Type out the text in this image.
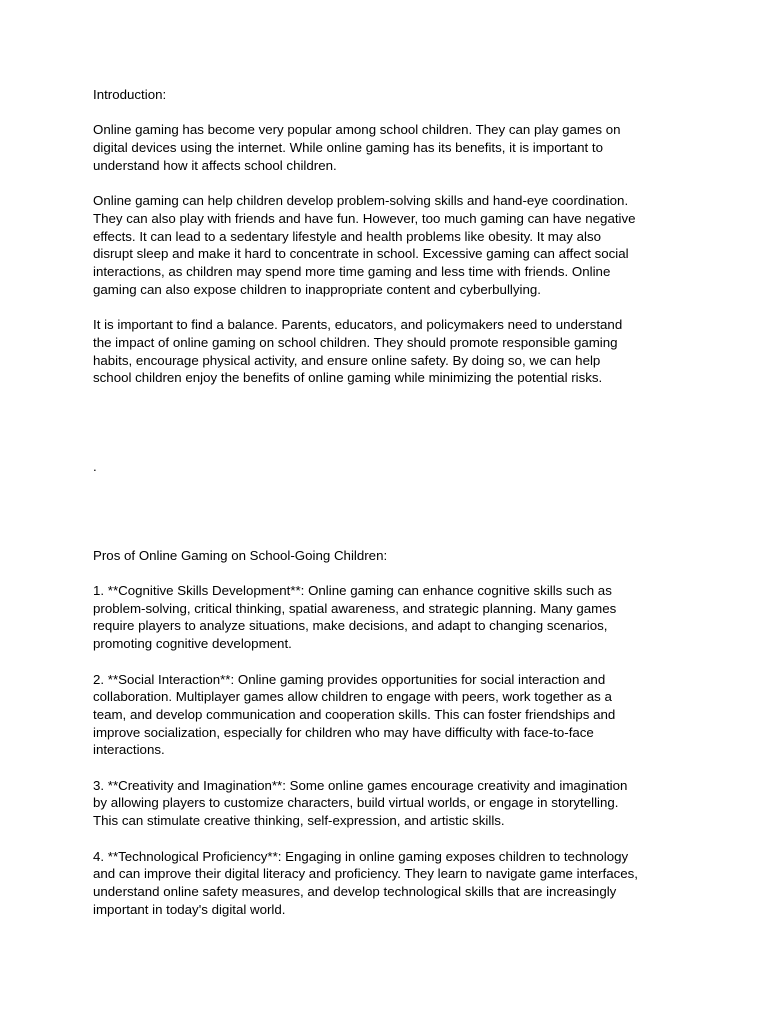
Introduction:

Online gaming has become very popular among school children. They can play games on

digital devices using the internet. While online gaming has its benefits, it is important to

understand how it affects school children.

Online gaming can help children develop problem-solving skills and hand-eye coordination.

They can also play with friends and have fun. However, too much gaming can have negative

effects. It can lead to a sedentary lifestyle and health problems like obesity. It may also

disrupt sleep and make it hard to concentrate in school. Excessive gaming can affect social

interactions, as children may spend more time gaming and less time with friends. Online

gaming can also expose children to inappropriate content and cyberbullying.

It is important to find a balance. Parents, educators, and policymakers need to understand

the impact of online gaming on school children. They should promote responsible gaming

habits, encourage physical activity, and ensure online safety. By doing so, we can help

school children enjoy the benefits of online gaming while minimizing the potential risks.

.

Pros of Online Gaming on School-Going Children:

1. **Cognitive Skills Development**: Online gaming can enhance cognitive skills such as

problem-solving, critical thinking, spatial awareness, and strategic planning. Many games

require players to analyze situations, make decisions, and adapt to changing scenarios,

promoting cognitive development.

2. **Social Interaction**: Online gaming provides opportunities for social interaction and

collaboration. Multiplayer games allow children to engage with peers, work together as a

team, and develop communication and cooperation skills. This can foster friendships and

improve socialization, especially for children who may have difficulty with face-to-face

interactions.

3. **Creativity and Imagination**: Some online games encourage creativity and imagination

by allowing players to customize characters, build virtual worlds, or engage in storytelling.

This can stimulate creative thinking, self-expression, and artistic skills.

4. **Technological Proficiency**: Engaging in online gaming exposes children to technology

and can improve their digital literacy and proficiency. They learn to navigate game interfaces,

understand online safety measures, and develop technological skills that are increasingly

important in today's digital world.
